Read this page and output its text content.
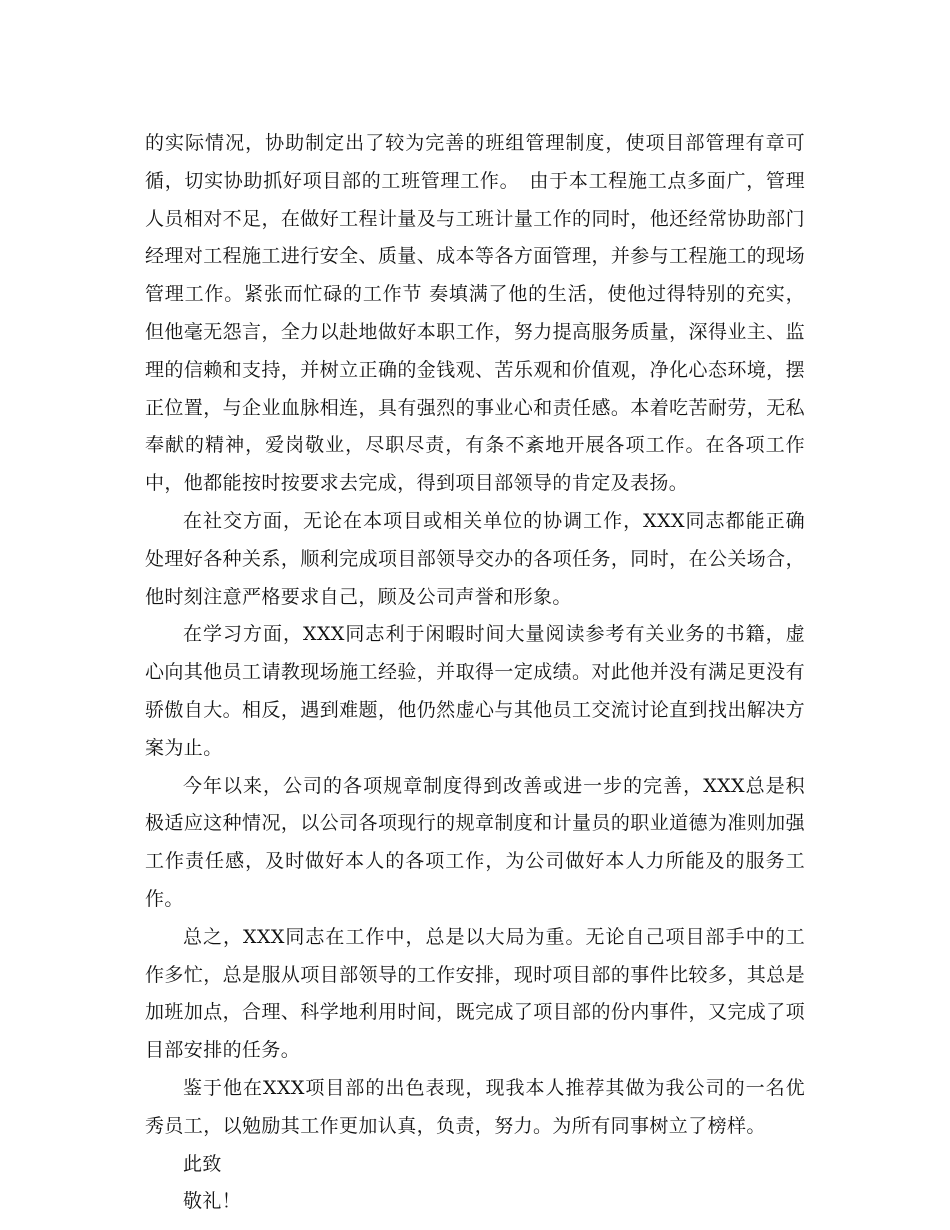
的实际情况，协助制定出了较为完善的班组管理制度，使项目部管理有章可循，切实协助抓好项目部的工班管理工作。　由于本工程施工点多面广，管理人员相对不足，在做好工程计量及与工班计量工作的同时，他还经常协助部门经理对工程施工进行安全、质量、成本等各方面管理，并参与工程施工的现场管理工作。紧张而忙碌的工作节 奏填满了他的生活，使他过得特别的充实，但他毫无怨言，全力以赴地做好本职工作，努力提高服务质量，深得业主、监理的信赖和支持，并树立正确的金钱观、苦乐观和价值观，净化心态环境，摆正位置，与企业血脉相连，具有强烈的事业心和责任感。本着吃苦耐劳，无私奉献的精神，爱岗敬业，尽职尽责，有条不紊地开展各项工作。在各项工作中，他都能按时按要求去完成，得到项目部领导的肯定及表扬。

在社交方面，无论在本项目或相关单位的协调工作，XXX同志都能正确处理好各种关系，顺利完成项目部领导交办的各项任务，同时，在公关场合，他时刻注意严格要求自己，顾及公司声誉和形象。

在学习方面，XXX同志利于闲暇时间大量阅读参考有关业务的书籍，虚心向其他员工请教现场施工经验，并取得一定成绩。对此他并没有满足更没有骄傲自大。相反，遇到难题，他仍然虚心与其他员工交流讨论直到找出解决方案为止。

今年以来，公司的各项规章制度得到改善或进一步的完善，XXX总是积极适应这种情况，以公司各项现行的规章制度和计量员的职业道德为准则加强工作责任感，及时做好本人的各项工作，为公司做好本人力所能及的服务工作。

总之，XXX同志在工作中，总是以大局为重。无论自己项目部手中的工作多忙，总是服从项目部领导的工作安排，现时项目部的事件比较多，其总是加班加点，合理、科学地利用时间，既完成了项目部的份内事件，又完成了项目部安排的任务。

鉴于他在XXX项目部的出色表现，现我本人推荐其做为我公司的一名优秀员工，以勉励其工作更加认真，负责，努力。为所有同事树立了榜样。

此致

敬礼！
